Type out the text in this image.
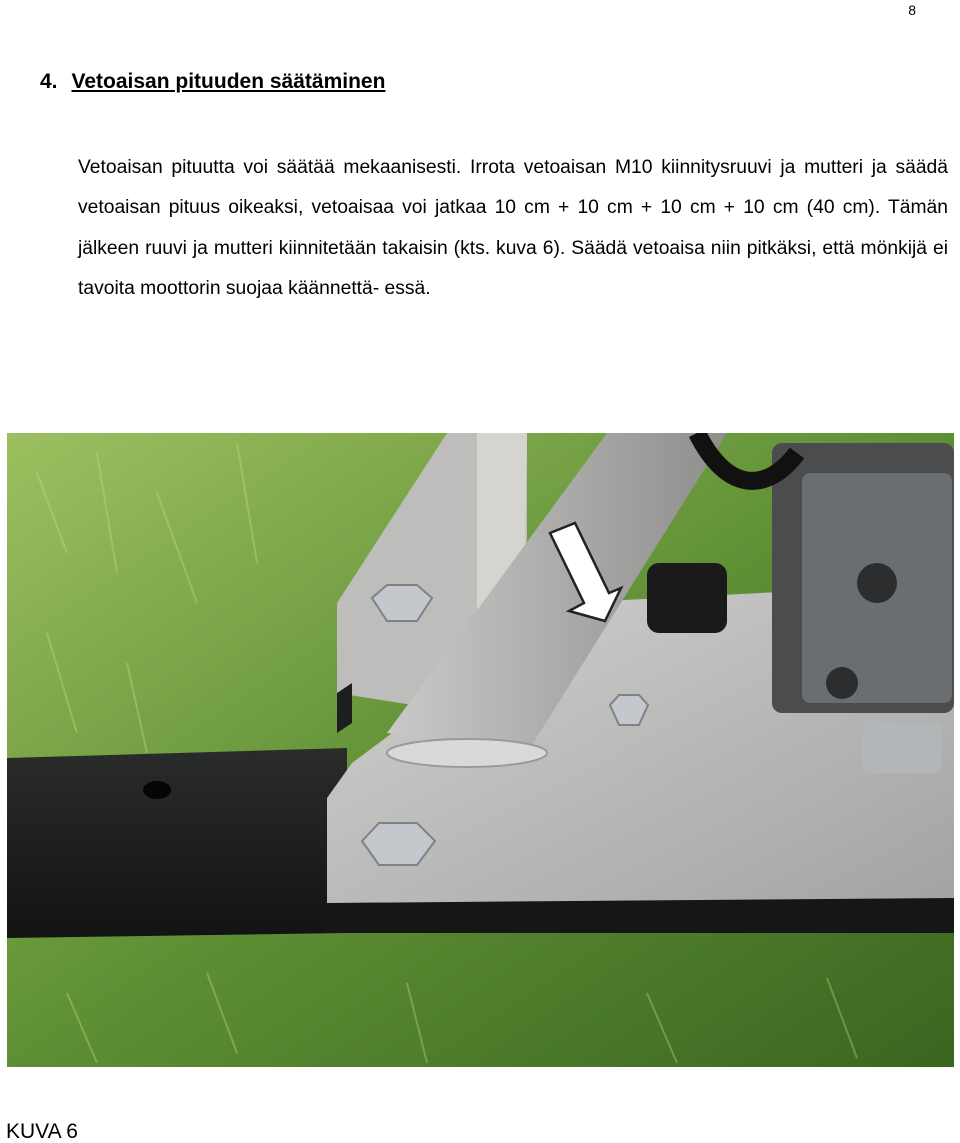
8
4. Vetoaisan pituuden säätäminen

Vetoaisan pituutta voi säätää mekaanisesti. Irrota vetoaisan M10 kiinnitysruuvi ja mutteri ja säädä vetoaisan pituus oikeaksi, vetoaisaa voi jatkaa 10 cm + 10 cm + 10 cm + 10 cm (40 cm). Tämän jälkeen ruuvi ja mutteri kiinnitetään takaisin (kts. kuva 6). Säädä vetoaisa niin pitkäksi, että mönkijä ei tavoita moottorin suojaa käännettä- essä.

KUVA 6
